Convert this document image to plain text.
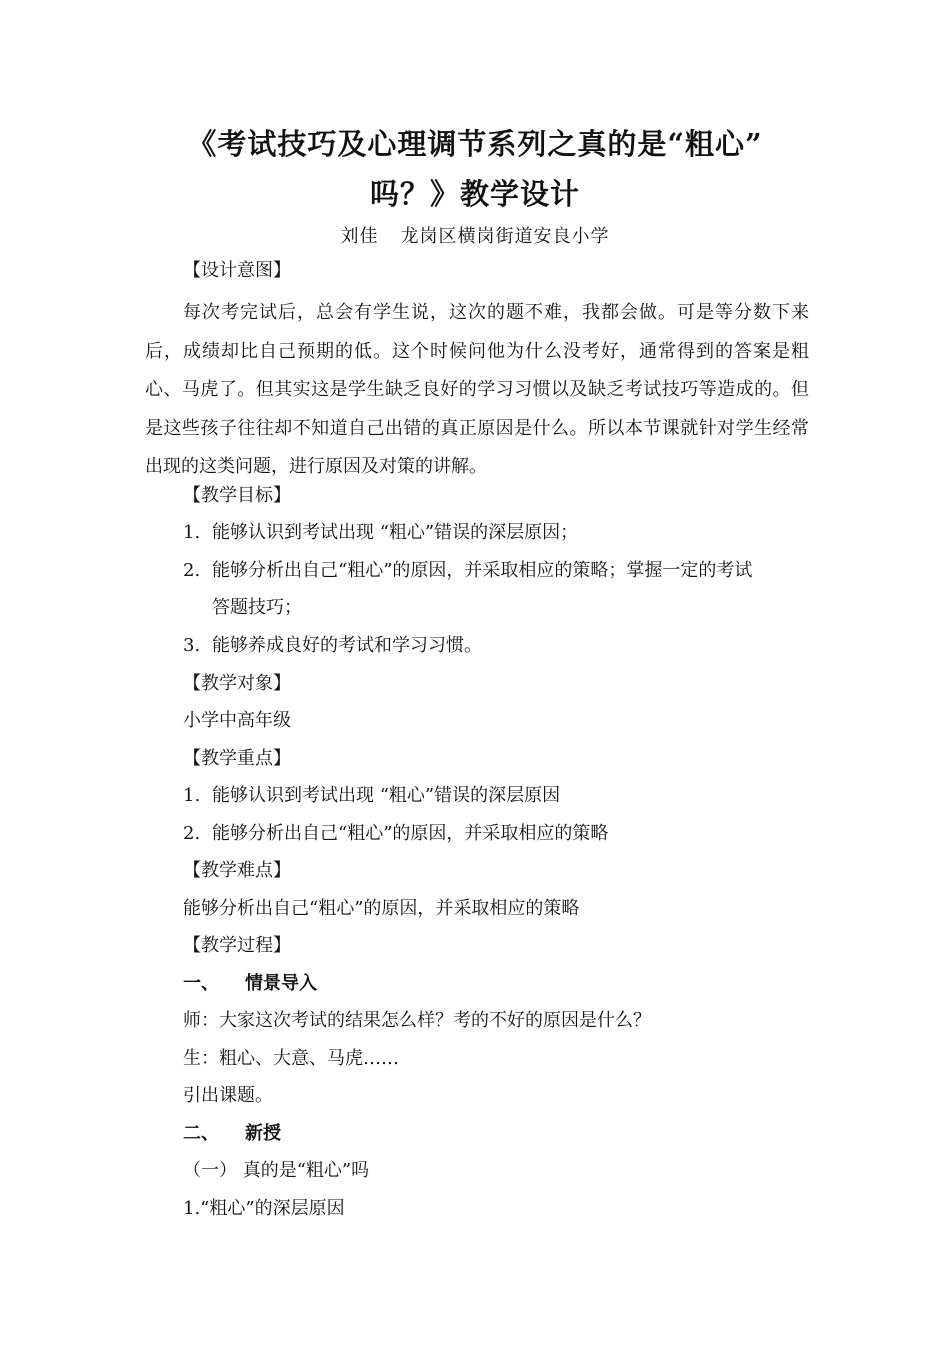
《考试技巧及心理调节系列之真的是“粗心”
吗？》教学设计
刘佳 龙岗区横岗街道安良小学

【设计意图】

每次考完试后，总会有学生说，这次的题不难，我都会做。可是等分数下来后，成绩却比自己预期的低。这个时候问他为什么没考好，通常得到的答案是粗心、马虎了。但其实这是学生缺乏良好的学习习惯以及缺乏考试技巧等造成的。但是这些孩子往往却不知道自己出错的真正原因是什么。所以本节课就针对学生经常出现的这类问题，进行原因及对策的讲解。

【教学目标】

1. 能够认识到考试出现 “粗心”错误的深层原因；

2. 能够分析出自己“粗心”的原因，并采取相应的策略；掌握一定的考试

答题技巧；

3. 能够养成良好的考试和学习习惯。

【教学对象】

小学中高年级

【教学重点】

1. 能够认识到考试出现 “粗心”错误的深层原因

2. 能够分析出自己“粗心”的原因，并采取相应的策略

【教学难点】

能够分析出自己“粗心”的原因，并采取相应的策略

【教学过程】

一、 情景导入

师：大家这次考试的结果怎么样？考的不好的原因是什么？

生：粗心、大意、马虎……

引出课题。

二、 新授

（一） 真的是“粗心”吗

1.“粗心”的深层原因
